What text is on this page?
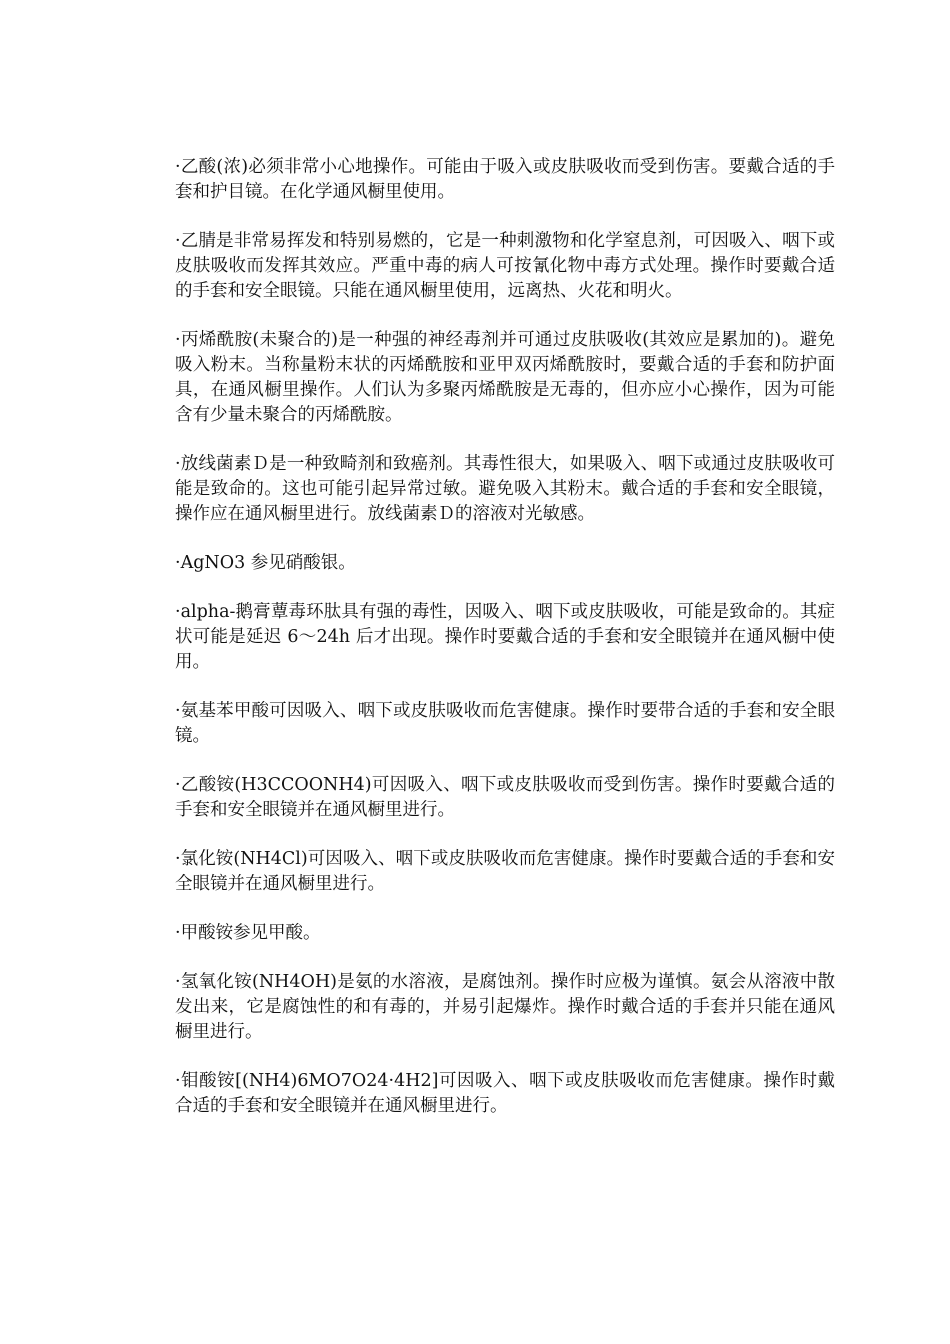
·乙酸(浓)必须非常小心地操作。可能由于吸入或皮肤吸收而受到伤害。要戴合适的手套和护目镜。在化学通风橱里使用。

·乙腈是非常易挥发和特别易燃的，它是一种刺激物和化学窒息剂，可因吸入、咽下或皮肤吸收而发挥其效应。严重中毒的病人可按氰化物中毒方式处理。操作时要戴合适的手套和安全眼镜。只能在通风橱里使用，远离热、火花和明火。

·丙烯酰胺(未聚合的)是一种强的神经毒剂并可通过皮肤吸收(其效应是累加的)。避免吸入粉末。当称量粉末状的丙烯酰胺和亚甲双丙烯酰胺时，要戴合适的手套和防护面具，在通风橱里操作。人们认为多聚丙烯酰胺是无毒的，但亦应小心操作，因为可能含有少量未聚合的丙烯酰胺。

·放线菌素Ｄ是一种致畸剂和致癌剂。其毒性很大，如果吸入、咽下或通过皮肤吸收可能是致命的。这也可能引起异常过敏。避免吸入其粉末。戴合适的手套和安全眼镜，操作应在通风橱里进行。放线菌素Ｄ的溶液对光敏感。

·AgNO3 参见硝酸银。

·alpha-鹅膏蕈毒环肽具有强的毒性，因吸入、咽下或皮肤吸收，可能是致命的。其症状可能是延迟 6～24h 后才出现。操作时要戴合适的手套和安全眼镜并在通风橱中使用。

·氨基苯甲酸可因吸入、咽下或皮肤吸收而危害健康。操作时要带合适的手套和安全眼镜。

·乙酸铵(H3CCOONH4)可因吸入、咽下或皮肤吸收而受到伤害。操作时要戴合适的手套和安全眼镜并在通风橱里进行。

·氯化铵(NH4Cl)可因吸入、咽下或皮肤吸收而危害健康。操作时要戴合适的手套和安全眼镜并在通风橱里进行。

·甲酸铵参见甲酸。

·氢氧化铵(NH4OH)是氨的水溶液，是腐蚀剂。操作时应极为谨慎。氨会从溶液中散发出来，它是腐蚀性的和有毒的，并易引起爆炸。操作时戴合适的手套并只能在通风橱里进行。

·钼酸铵[(NH4)6MO7O24·4H2]可因吸入、咽下或皮肤吸收而危害健康。操作时戴合适的手套和安全眼镜并在通风橱里进行。
